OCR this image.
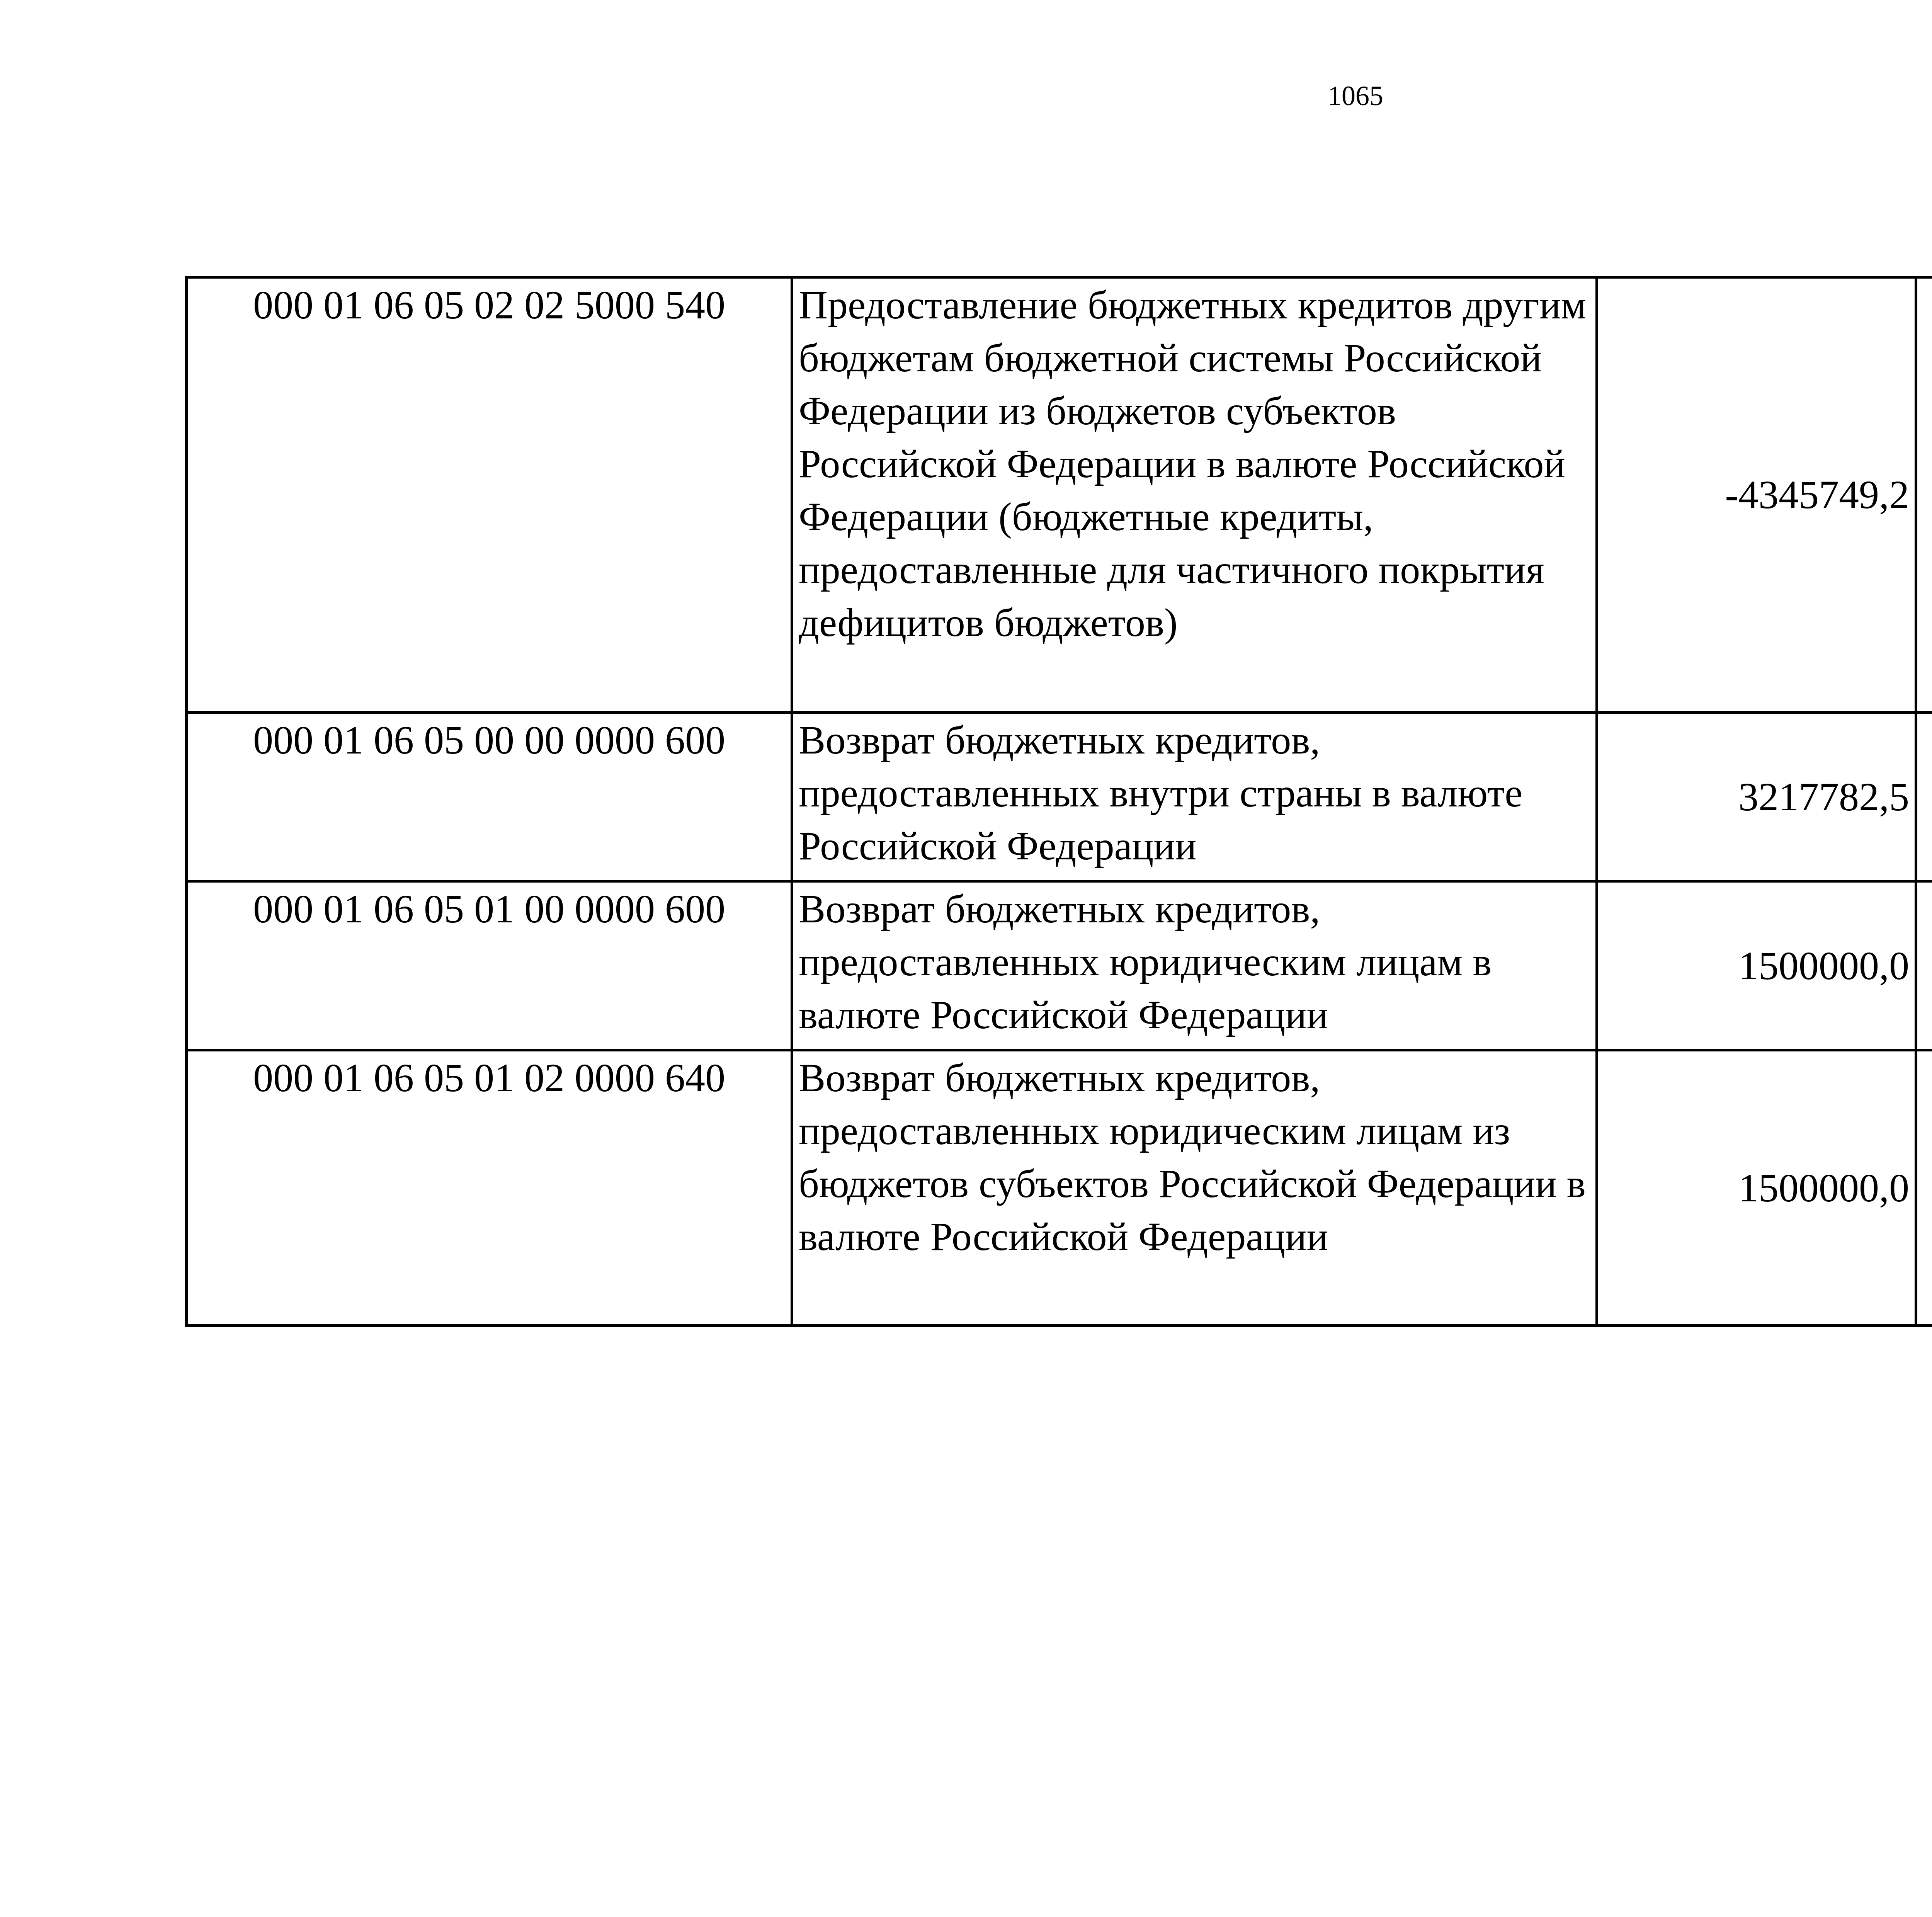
1065
000 01 06 05 02 02 5000 540	Предоставление бюджетных кредитов другим бюджетам бюджетной системы Российской Федерации из бюджетов субъектов Российской Федерации в валюте Российской Федерации (бюджетные кредиты, предоставленные для частичного покрытия дефицитов бюджетов)	-4345749,2		
000 01 06 05 00 00 0000 600	Возврат бюджетных кредитов, предоставленных внутри страны в валюте Российской Федерации	3217782,5		
000 01 06 05 01 00 0000 600	Возврат бюджетных кредитов, предоставленных юридическим лицам в валюте Российской Федерации	1500000,0		
000 01 06 05 01 02 0000 640	Возврат бюджетных кредитов, предоставленных юридическим лицам из бюджетов субъектов Российской Федерации в валюте Российской Федерации	1500000,0		
